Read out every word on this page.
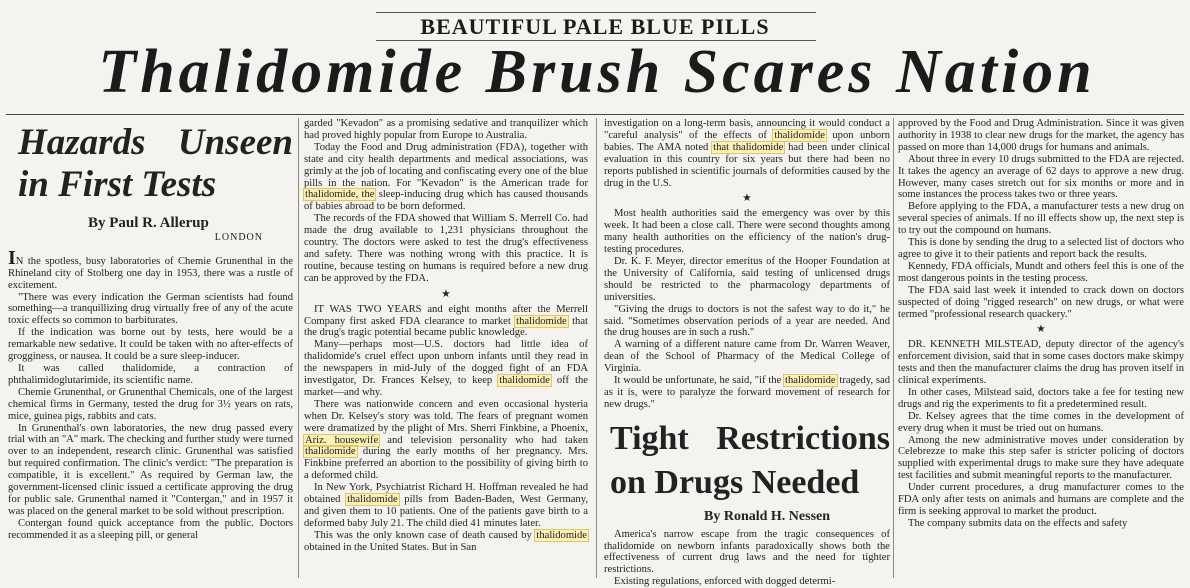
BEAUTIFUL PALE BLUE PILLS
Thalidomide Brush Scares Nation
Hazards Unseen in First Tests
By Paul R. Allerup
LONDON

IN the spotless, busy laboratories of Chemie Grunenthal in the Rhineland city of Stolberg one day in 1953, there was a rustle of excitement.

"There was every indication the German scientists had found something—a tranquillizing drug virtually free of any of the acute toxic effects so common to barbiturates.

If the indication was borne out by tests, here would be a remarkable new sedative. It could be taken with no after-effects of grogginess, or nausea. It could be a sure sleep-inducer.

It was called thalidomide, a contraction of phthalimidoglutarimide, its scientific name.

Chemie Grunenthal, or Grunenthal Chemicals, one of the largest chemical firms in Germany, tested the drug for 3½ years on rats, mice, guinea pigs, rabbits and cats.

In Grunenthal's own laboratories, the new drug passed every trial with an "A" mark. The checking and further study were turned over to an independent, research clinic. Grunenthal was satisfied but required confirmation. The clinic's verdict: "The preparation is compatible, it is excellent." As required by German law, the government-licensed clinic issued a certificate approving the drug for public sale. Grunenthal named it "Contergan," and in 1957 it was placed on the general market to be sold without prescription.

Contergan found quick acceptance from the public. Doctors recommended it as a sleeping pill, or general

garded "Kevadon" as a promising sedative and tranquilizer which had proved highly popular from Europe to Australia.

Today the Food and Drug administration (FDA), together with state and city health departments and medical associations, was grimly at the job of locating and confiscating every one of the blue pills in the nation. For "Kevadon" is the American trade for thalidomide, the sleep-inducing drug which has caused thousands of babies abroad to be born deformed.

The records of the FDA showed that William S. Merrell Co. had made the drug available to 1,231 physicians throughout the country. The doctors were asked to test the drug's effectiveness and safety. There was nothing wrong with this practice. It is routine, because testing on humans is required before a new drug can be approved by the FDA.

★

IT WAS TWO YEARS and eight months after the Merrell Company first asked FDA clearance to market thalidomide that the drug's tragic potential became public knowledge.

Many—perhaps most—U.S. doctors had little idea of thalidomide's cruel effect upon unborn infants until they read in the newspapers in mid-July of the dogged fight of an FDA investigator, Dr. Frances Kelsey, to keep thalidomide off the market—and why.

There was nationwide concern and even occasional hysteria when Dr. Kelsey's story was told. The fears of pregnant women were dramatized by the plight of Mrs. Sherri Finkbine, a Phoenix, Ariz. housewife and television personality who had taken thalidomide during the early months of her pregnancy. Mrs. Finkbine preferred an abortion to the possibility of giving birth to a deformed child.

In New York, Psychiatrist Richard H. Hoffman revealed he had obtained thalidomide pills from Baden-Baden, West Germany, and given them to 10 patients. One of the patients gave birth to a deformed baby July 21. The child died 41 minutes later.

This was the only known case of death caused by thalidomide obtained in the United States. But in San

investigation on a long-term basis, announcing it would conduct a "careful analysis" of the effects of thalidomide upon unborn babies. The AMA noted that thalidomide had been under clinical evaluation in this country for six years but there had been no reports published in scientific journals of deformities caused by the drug in the U.S.

★

Most health authorities said the emergency was over by this week. It had been a close call. There were second thoughts among many health authorities on the efficiency of the nation's drug-testing procedures.

Dr. K. F. Meyer, director emeritus of the Hooper Foundation at the University of California, said testing of unlicensed drugs should be restricted to the pharmacology departments of universities.

"Giving the drugs to doctors is not the safest way to do it," he said. "Sometimes observation periods of a year are needed. And the drug houses are in such a rush."

A warning of a different nature came from Dr. Warren Weaver, dean of the School of Pharmacy of the Medical College of Virginia.

It would be unfortunate, he said, "if the thalidomide tragedy, sad as it is, were to paralyze the forward movement of research for new drugs."

Tight Restrictions on Drugs Needed
By Ronald H. Nessen

America's narrow escape from the tragic consequences of thalidomide on newborn infants paradoxically shows both the effectiveness of current drug laws and the need for tighter restrictions.

Existing regulations, enforced with dogged determi-

approved by the Food and Drug Administration. Since it was given authority in 1938 to clear new drugs for the market, the agency has passed on more than 14,000 drugs for humans and animals.

About three in every 10 drugs submitted to the FDA are rejected. It takes the agency an average of 62 days to approve a new drug. However, many cases stretch out for six months or more and in some instances the process takes two or three years.

Before applying to the FDA, a manufacturer tests a new drug on several species of animals. If no ill effects show up, the next step is to try out the compound on humans.

This is done by sending the drug to a selected list of doctors who agree to give it to their patients and report back the results.

Kennedy, FDA officials, Mundt and others feel this is one of the most dangerous points in the testing process.

The FDA said last week it intended to crack down on doctors suspected of doing "rigged research" on new drugs, or what were termed "professional research quackery."

★

DR. KENNETH MILSTEAD, deputy director of the agency's enforcement division, said that in some cases doctors make skimpy tests and then the manufacturer claims the drug has proven itself in clinical experiments.

In other cases, Milstead said, doctors take a fee for testing new drugs and rig the experiments to fit a predetermined result.

Dr. Kelsey agrees that the time comes in the development of every drug when it must be tried out on humans.

Among the new administrative moves under consideration by Celebrezze to make this step safer is stricter policing of doctors supplied with experimental drugs to make sure they have adequate test facilities and submit meaningful reports to the manufacturer.

Under current procedures, a drug manufacturer comes to the FDA only after tests on animals and humans are complete and the firm is seeking approval to market the product.

The company submits data on the effects and safety
